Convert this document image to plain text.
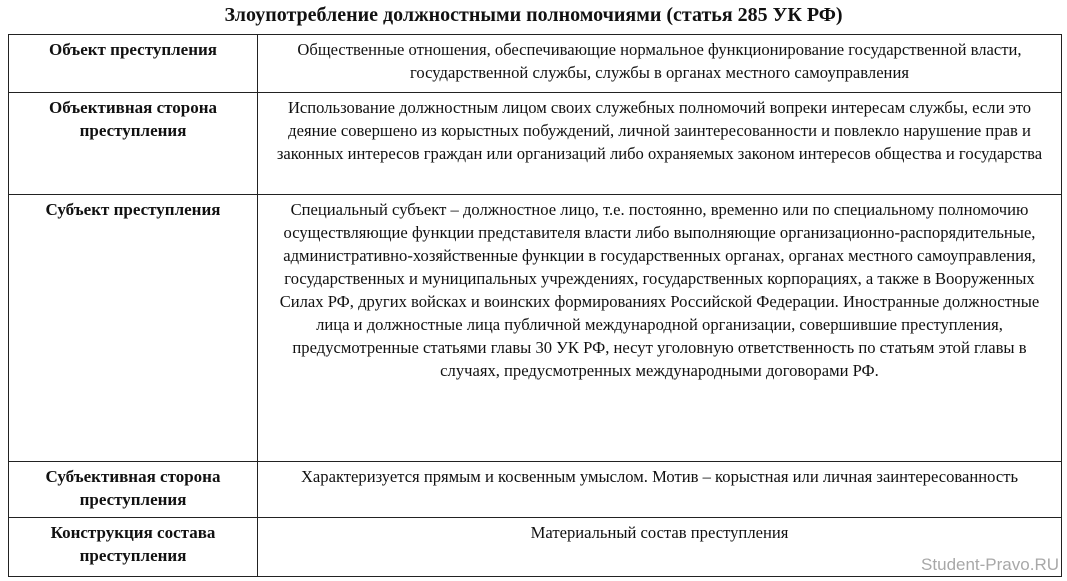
Злоупотребление должностными полномочиями (статья 285 УК РФ)
Объект преступления	Общественные отношения, обеспечивающие нормальное функционирование государственной власти, государственной службы, службы в органах местного самоуправления
Объективная сторона преступления	Использование должностным лицом своих служебных полномочий вопреки интересам службы, если это деяние совершено из корыстных побуждений, личной заинтересованности и повлекло нарушение прав и законных интересов граждан или организаций либо охраняемых законом интересов общества и государства
Субъект преступления	Специальный субъект – должностное лицо, т.е. постоянно, временно или по специальному полномочию осуществляющие функции представителя власти либо выполняющие организационно-распорядительные, административно-хозяйственные функции в государственных органах, органах местного самоуправления, государственных и муниципальных учреждениях, государственных корпорациях, а также в Вооруженных Силах РФ, других войсках и воинских формированиях Российской Федерации. Иностранные должностные лица и должностные лица публичной международной организации, совершившие преступления, предусмотренные статьями главы 30 УК РФ, несут уголовную ответственность по статьям этой главы в случаях, предусмотренных международными договорами РФ.
Субъективная сторона преступления	Характеризуется прямым и косвенным умыслом. Мотив – корыстная или личная заинтересованность
Конструкция состава преступления	Материальный состав преступления
Student-Pravo.RU
